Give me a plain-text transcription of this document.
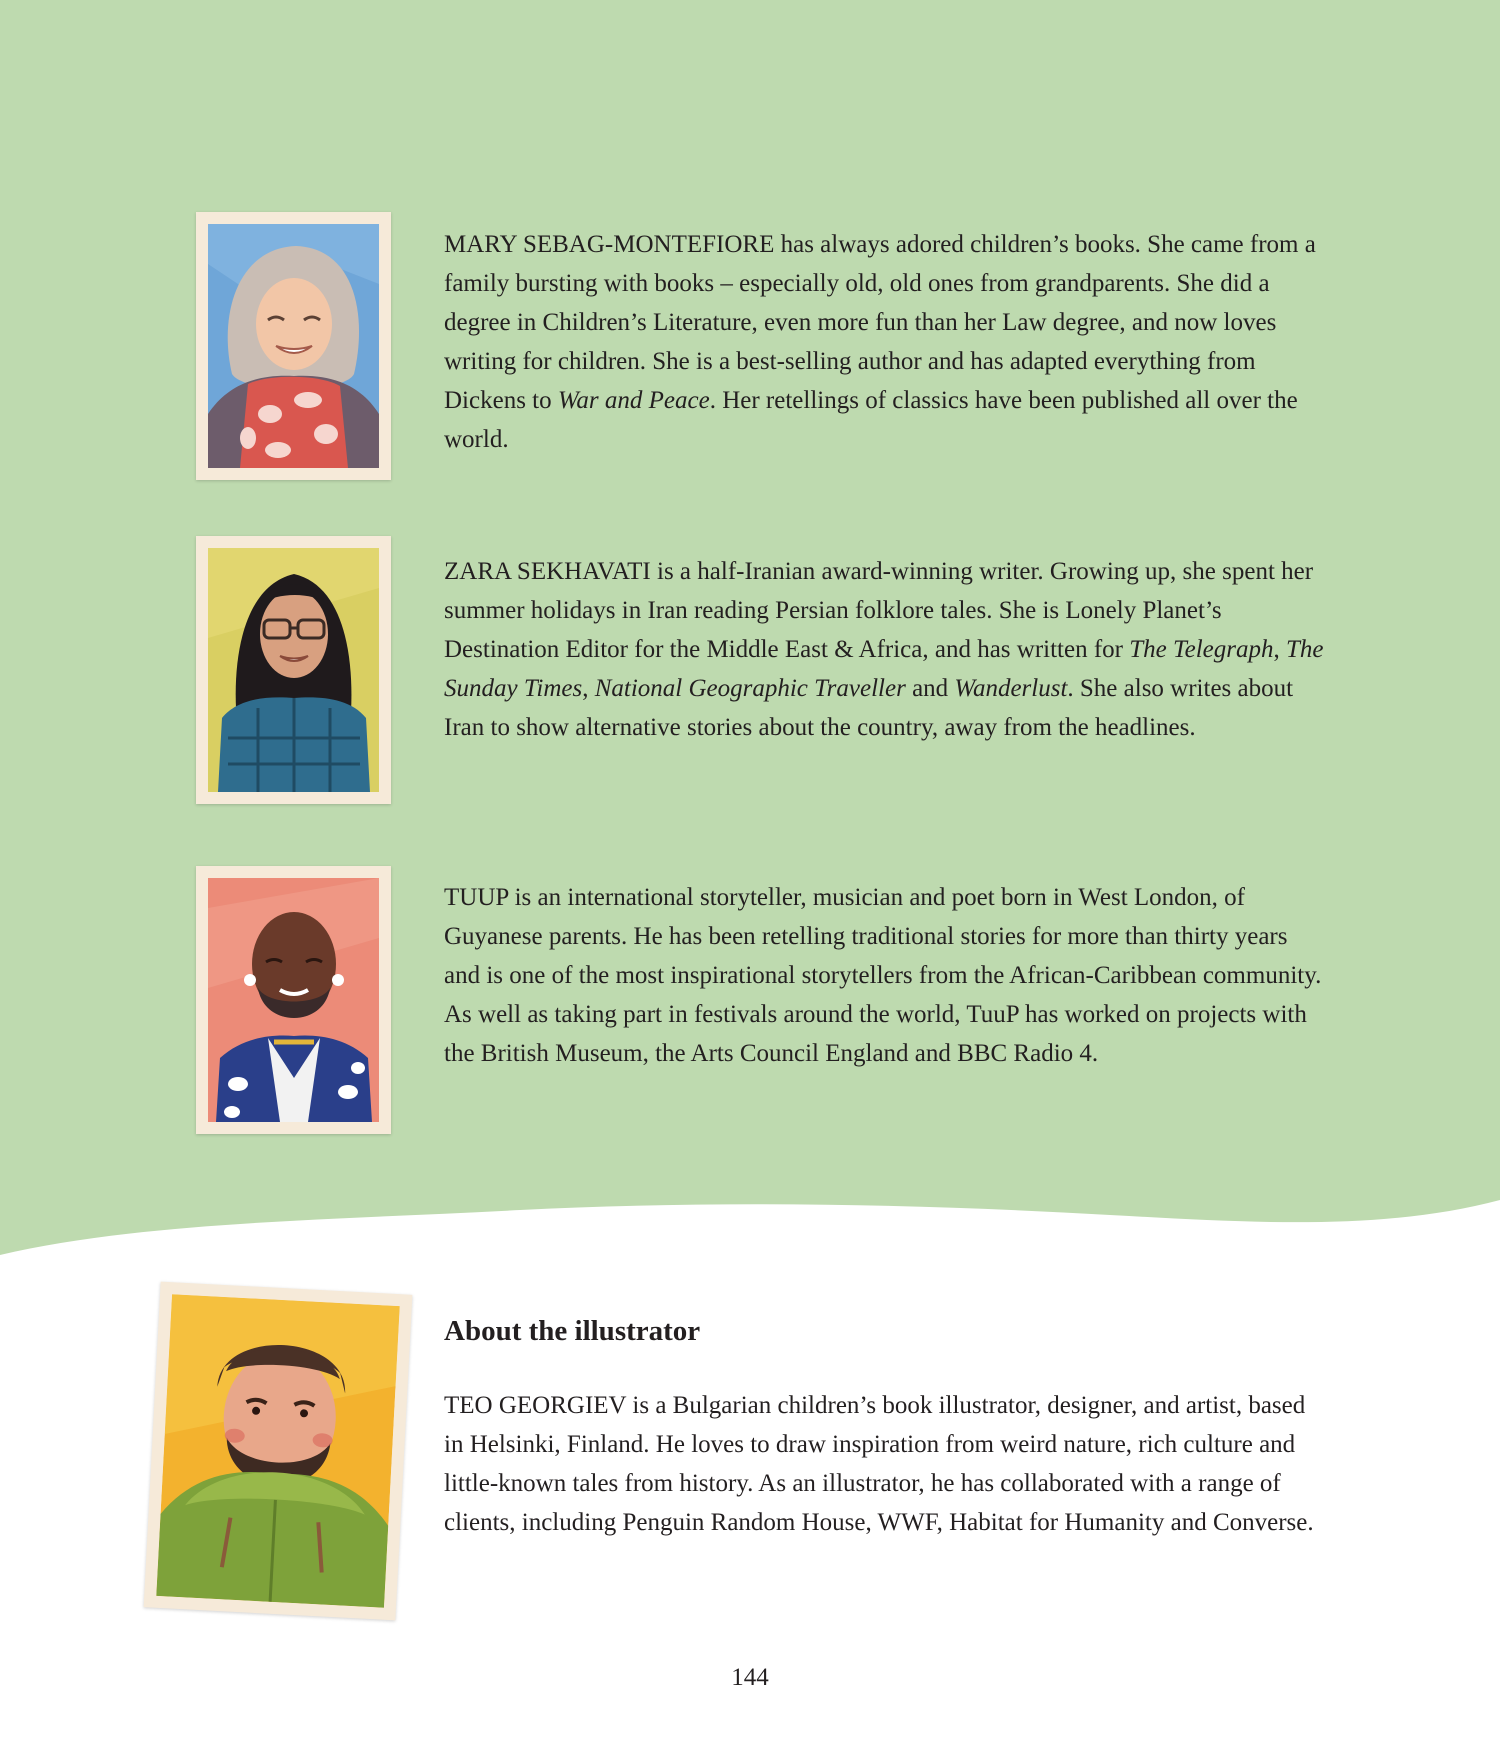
MARY SEBAG-MONTEFIORE has always adored children’s books. She came from a family bursting with books – especially old, old ones from grandparents. She did a degree in Children’s Literature, even more fun than her Law degree, and now loves writing for children. She is a best-selling author and has adapted everything from Dickens to War and Peace. Her retellings of classics have been published all over the world.

ZARA SEKHAVATI is a half-Iranian award-winning writer. Growing up, she spent her summer holidays in Iran reading Persian folklore tales. She is Lonely Planet’s Destination Editor for the Middle East & Africa, and has written for The Telegraph, The Sunday Times, National Geographic Traveller and Wanderlust. She also writes about Iran to show alternative stories about the country, away from the headlines.

TUUP is an international storyteller, musician and poet born in West London, of Guyanese parents. He has been retelling traditional stories for more than thirty years and is one of the most inspirational storytellers from the African-Caribbean community. As well as taking part in festivals around the world, TuuP has worked on projects with the British Museum, the Arts Council England and BBC Radio 4.

About the illustrator

TEO GEORGIEV is a Bulgarian children’s book illustrator, designer, and artist, based in Helsinki, Finland. He loves to draw inspiration from weird nature, rich culture and little-known tales from history. As an illustrator, he has collaborated with a range of clients, including Penguin Random House, WWF, Habitat for Humanity and Converse.

144
